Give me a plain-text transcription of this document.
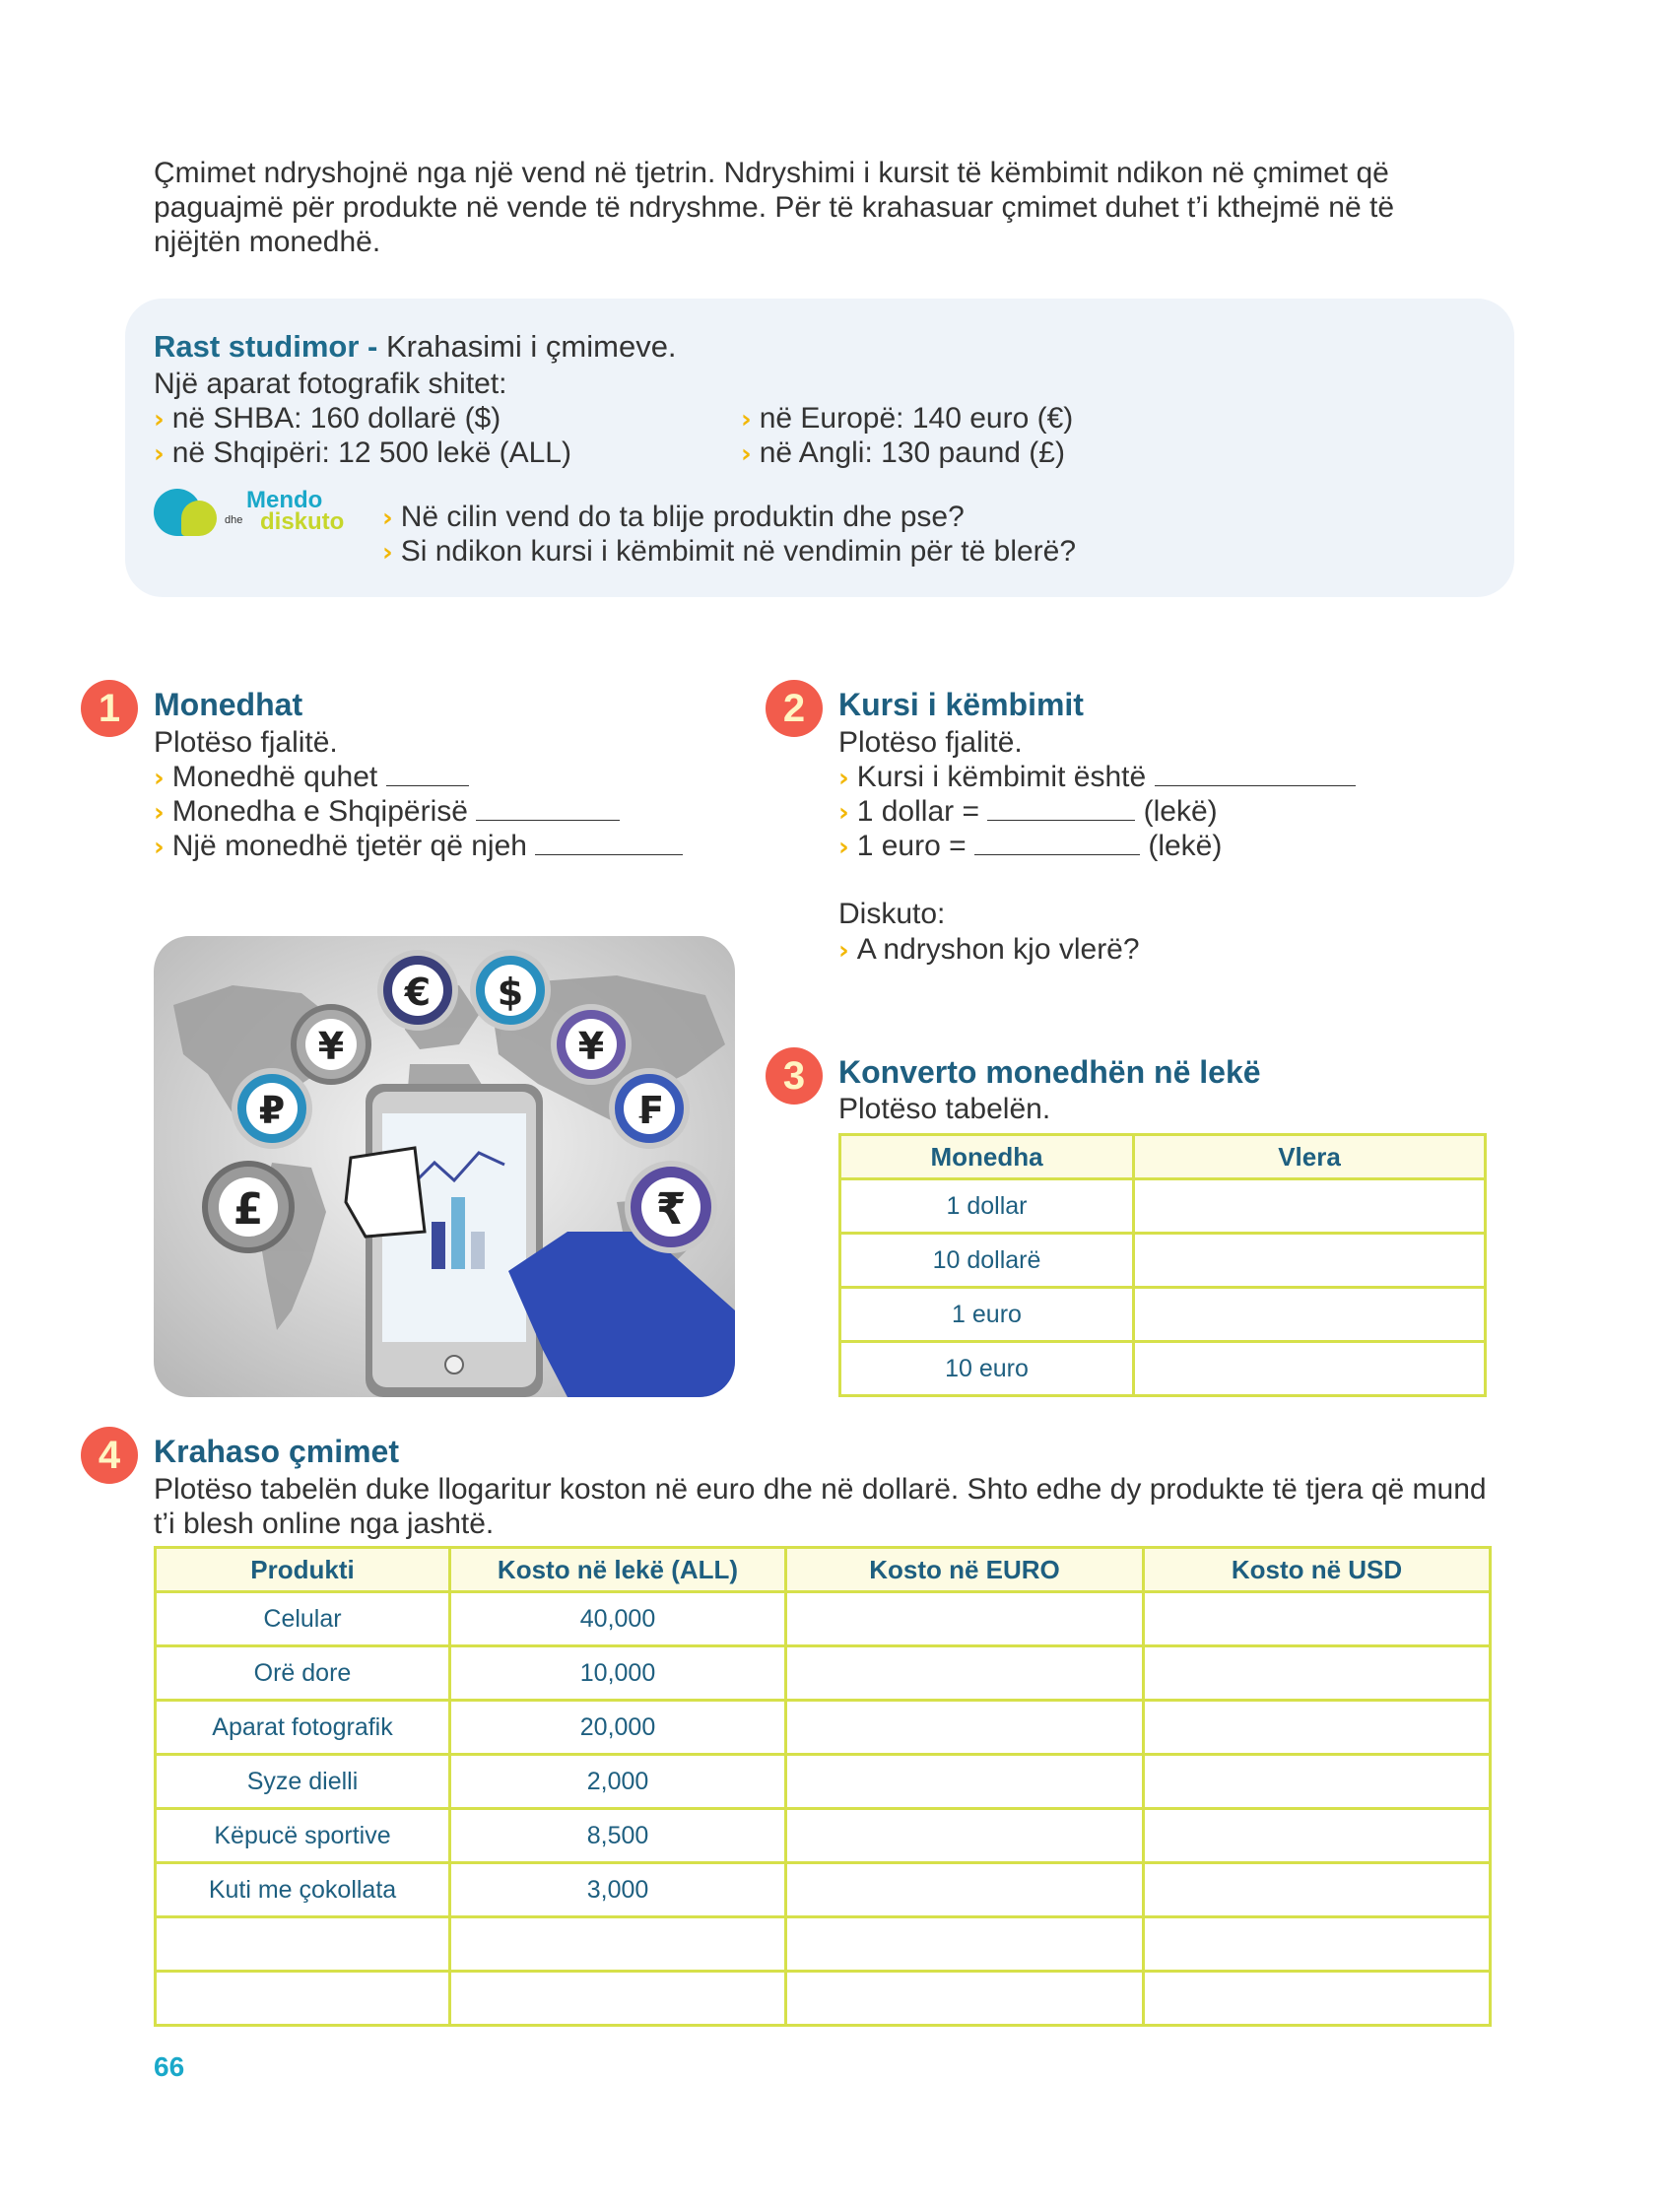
Çmimet ndryshojnë nga një vend në tjetrin. Ndryshimi i kursit të këmbimit ndikon në çmimet që paguajmë për produkte në vende të ndryshme. Për të krahasuar çmimet duhet t’i kthejmë në të njëjtën monedhë.
Rast studimor - Krahasimi i çmimeve.
Një aparat fotografik shitet:
› në SHBA: 160 dollarë ($)
› në Shqipëri: 12 500 lekë (ALL)
› në Europë: 140 euro (€)
› në Angli: 130 paund (£)
Mendo
dhe diskuto › Në cilin vend do ta blije produktin dhe pse?
› Si ndikon kursi i këmbimit në vendimin për të blerë?
1	Monedhat
Plotëso fjalitë.
› Monedhë quhet
› Monedha e Shqipërisë
› Një monedhë tjetër që njeh
€ $
¥	¥
₽	₣
£	₹
2	Kursi i këmbimit
Plotëso fjalitë.
› Kursi i këmbimit është
› 1 dollar =	(lekë)
› 1 euro =	(lekë)
Diskuto:
› A ndryshon kjo vlerë?
3	Konverto monedhën në lekë
Plotëso tabelën.
Monedha	Vlera
1 dollar	
10 dollarë	
1 euro	
10 euro	
4	Krahaso çmimet
Plotëso tabelën duke llogaritur koston në euro dhe në dollarë. Shto edhe dy produkte të tjera që mund t’i blesh online nga jashtë.
Produkti	Kosto në lekë (ALL)	Kosto në EURO	Kosto në USD
Celular	40,000		
Orë dore	10,000		
Aparat fotografik	20,000		
Syze dielli	2,000		
Këpucë sportive	8,500		
Kuti me çokollata	3,000		

66
